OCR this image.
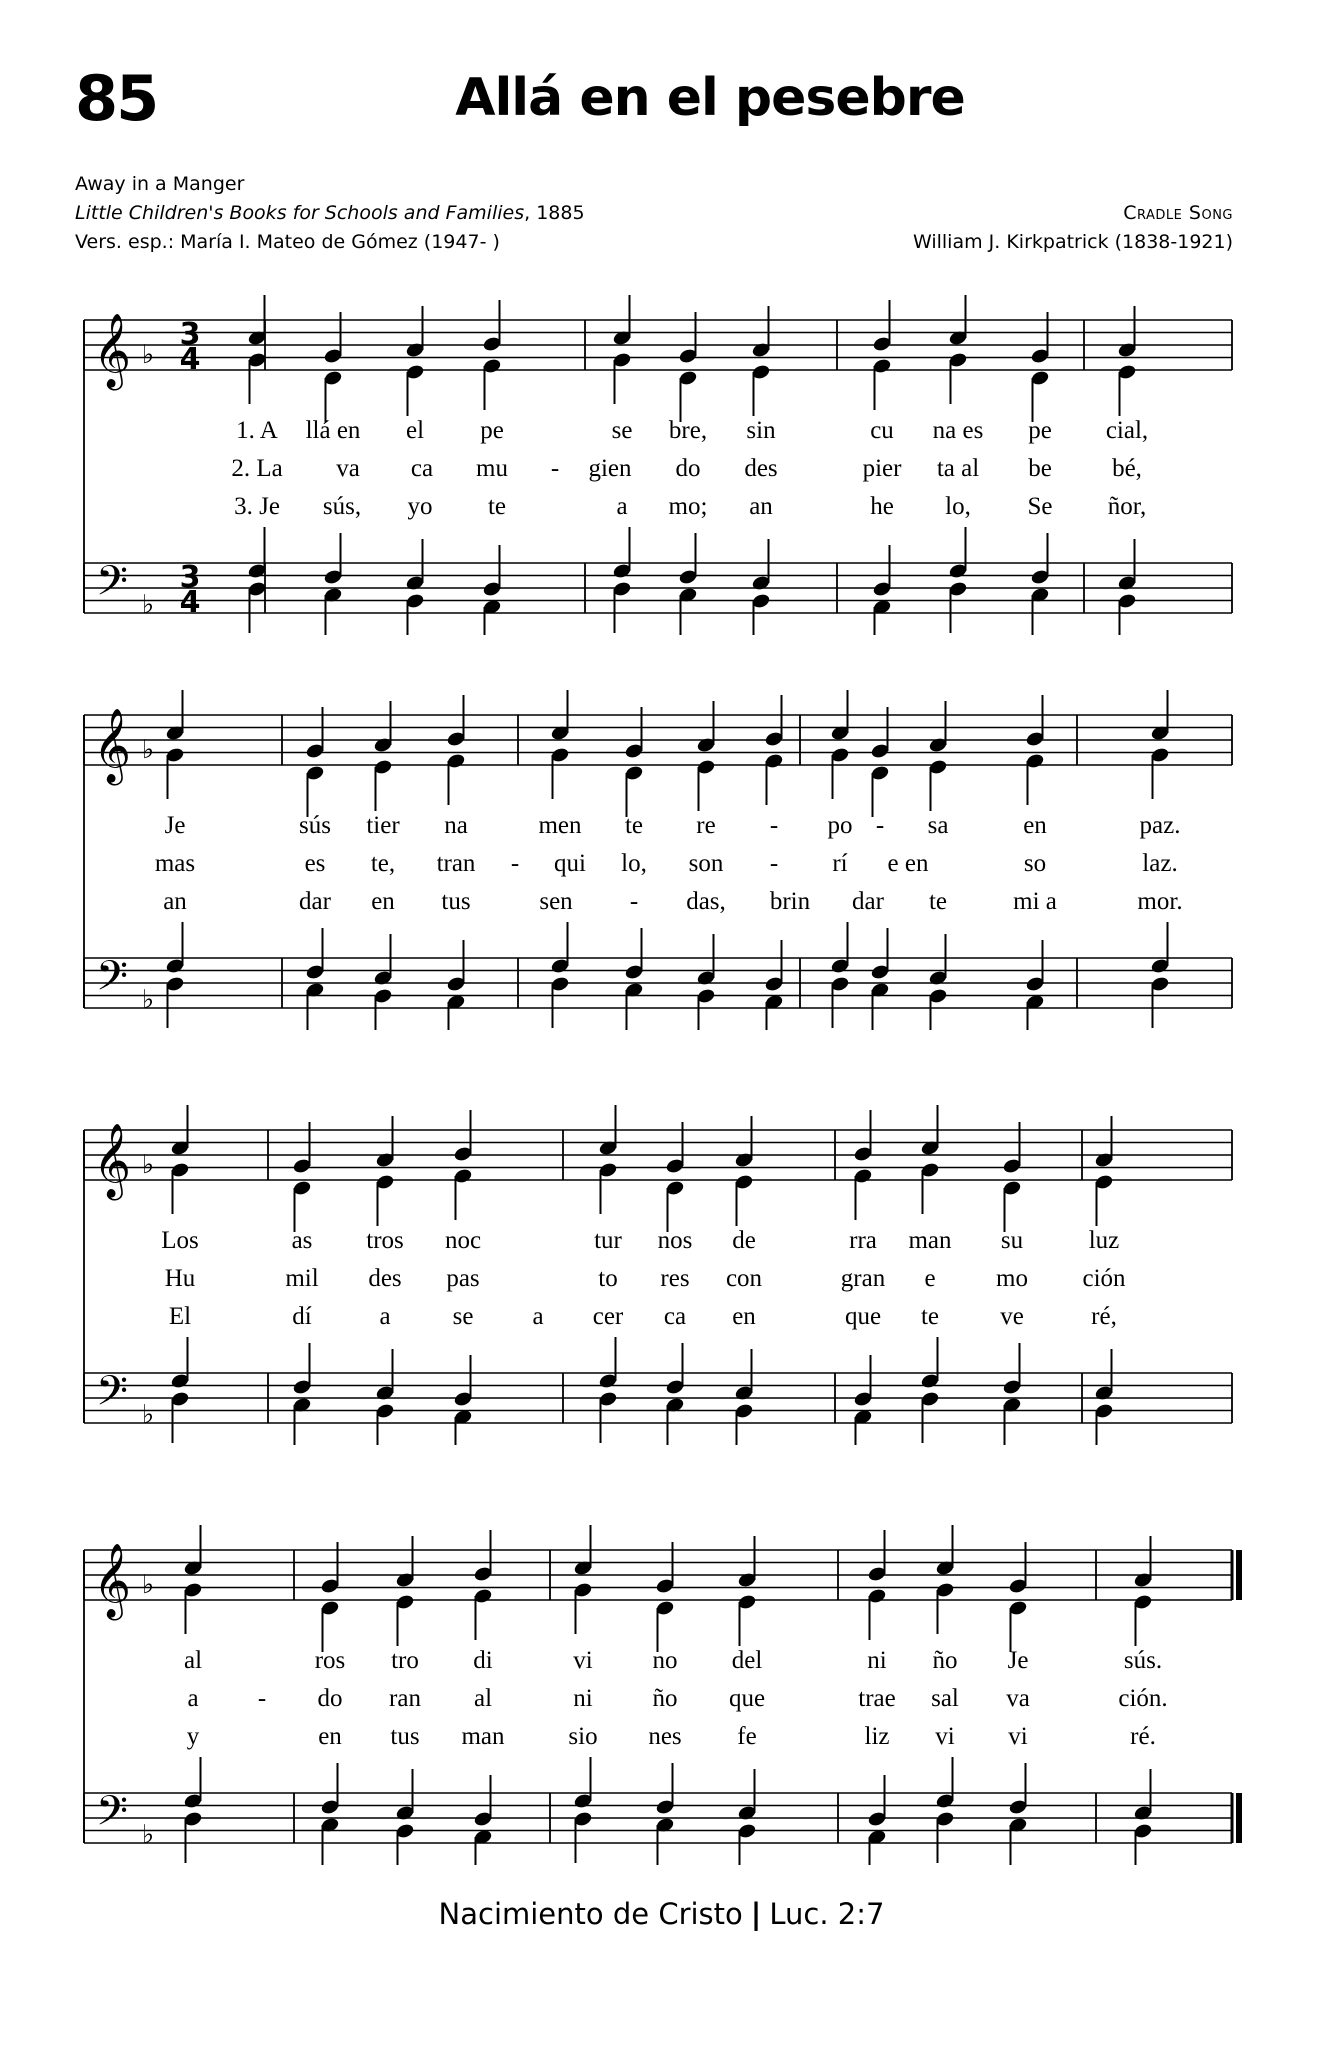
85	Allá en el pesebre
Away in a Manger
Little Children's Books for Schools and Families, 1885
Vers. esp.: María I. Mateo de Gómez (1947- )
Cradle Song
William J. Kirkpatrick (1838-1921)
𝄞
𝄢
♭
♭
3
4
3
4
1. A llá en el pe	se bre, sin	cu na es pe cial,
2. La va ca mu - gien do des	pier ta al be bé,
3. Je sús, yo te	a mo; an	he lo, Se ñor,
𝄞
𝄢
♭
♭
Je	sús tier na	men te re - po - sa	en	paz.
mas	es te, tran - qui lo, son - rí e en	so	laz.
an	dar en tus	sen - das, brin dar te	mi a	mor.
𝄞
𝄢
♭
♭
Los	as tros noc	tur nos de	rra man su	luz
Hu	mil des pas	to res con	gran e mo ción
El	dí	a se a cer ca en	que te ve	ré,
𝄞
𝄢
♭
♭
al	ros tro di	vi no del	ni ño Je	sús.
a - do ran al	ni ño que	trae sal va	ción.
y	en tus man	sio nes fe	liz vi vi	ré.
Nacimiento de Cristo | Luc. 2:7
